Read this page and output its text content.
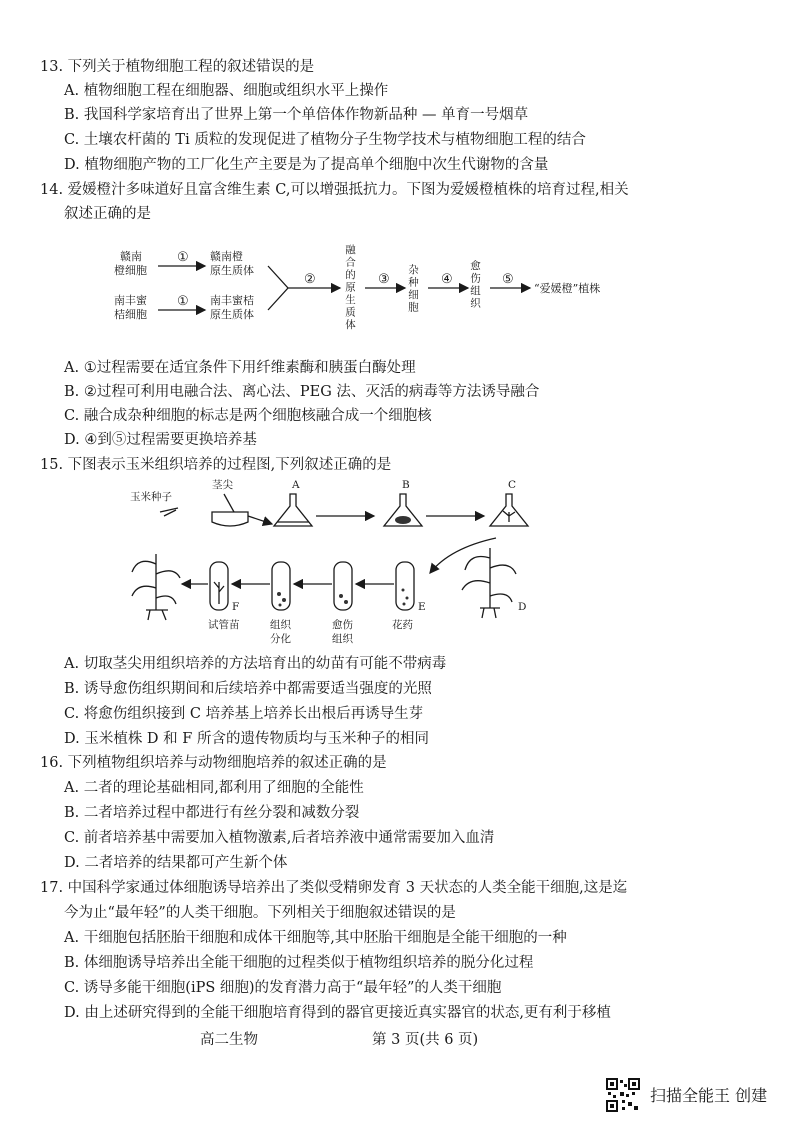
13. 下列关于植物细胞工程的叙述错误的是
A. 植物细胞工程在细胞器、细胞或组织水平上操作
B. 我国科学家培育出了世界上第一个单倍体作物新品种 — 单育一号烟草
C. 土壤农杆菌的 Ti 质粒的发现促进了植物分子生物学技术与植物细胞工程的结合
D. 植物细胞产物的工厂化生产主要是为了提高单个细胞中次生代谢物的含量
14. 爱媛橙汁多味道好且富含维生素 C,可以增强抵抗力。下图为爱媛橙植株的培育过程,相关
叙述正确的是
赣南
橙细胞
南丰蜜
桔细胞
①
①
赣南橙
原生质体
南丰蜜桔
原生质体
②	融合的原生质体 ③ 杂种细胞 ④ 愈伤组织 ⑤
“爱媛橙”植株
A. ①过程需要在适宜条件下用纤维素酶和胰蛋白酶处理
B. ②过程可利用电融合法、离心法、PEG 法、灭活的病毒等方法诱导融合
C. 融合成杂种细胞的标志是两个细胞核融合成一个细胞核
D. ④到⑤过程需要更换培养基
15. 下图表示玉米组织培养的过程图,下列叙述正确的是
玉米种子
茎尖	A	B	C
D
E
花药
愈伤
组织
组织
分化
F
试管苗
A. 切取茎尖用组织培养的方法培育出的幼苗有可能不带病毒
B. 诱导愈伤组织期间和后续培养中都需要适当强度的光照
C. 将愈伤组织接到 C 培养基上培养长出根后再诱导生芽
D. 玉米植株 D 和 F 所含的遗传物质均与玉米种子的相同
16. 下列植物组织培养与动物细胞培养的叙述正确的是
A. 二者的理论基础相同,都利用了细胞的全能性
B. 二者培养过程中都进行有丝分裂和减数分裂
C. 前者培养基中需要加入植物激素,后者培养液中通常需要加入血清
D. 二者培养的结果都可产生新个体
17. 中国科学家通过体细胞诱导培养出了类似受精卵发育 3 天状态的人类全能干细胞,这是迄
今为止“最年轻”的人类干细胞。下列相关于细胞叙述错误的是
A. 干细胞包括胚胎干细胞和成体干细胞等,其中胚胎干细胞是全能干细胞的一种
B. 体细胞诱导培养出全能干细胞的过程类似于植物组织培养的脱分化过程
C. 诱导多能干细胞(iPS 细胞)的发育潜力高于“最年轻”的人类干细胞
D. 由上述研究得到的全能干细胞培育得到的器官更接近真实器官的状态,更有利于移植
高二生物	第 3 页(共 6 页)
扫描全能王 创建
